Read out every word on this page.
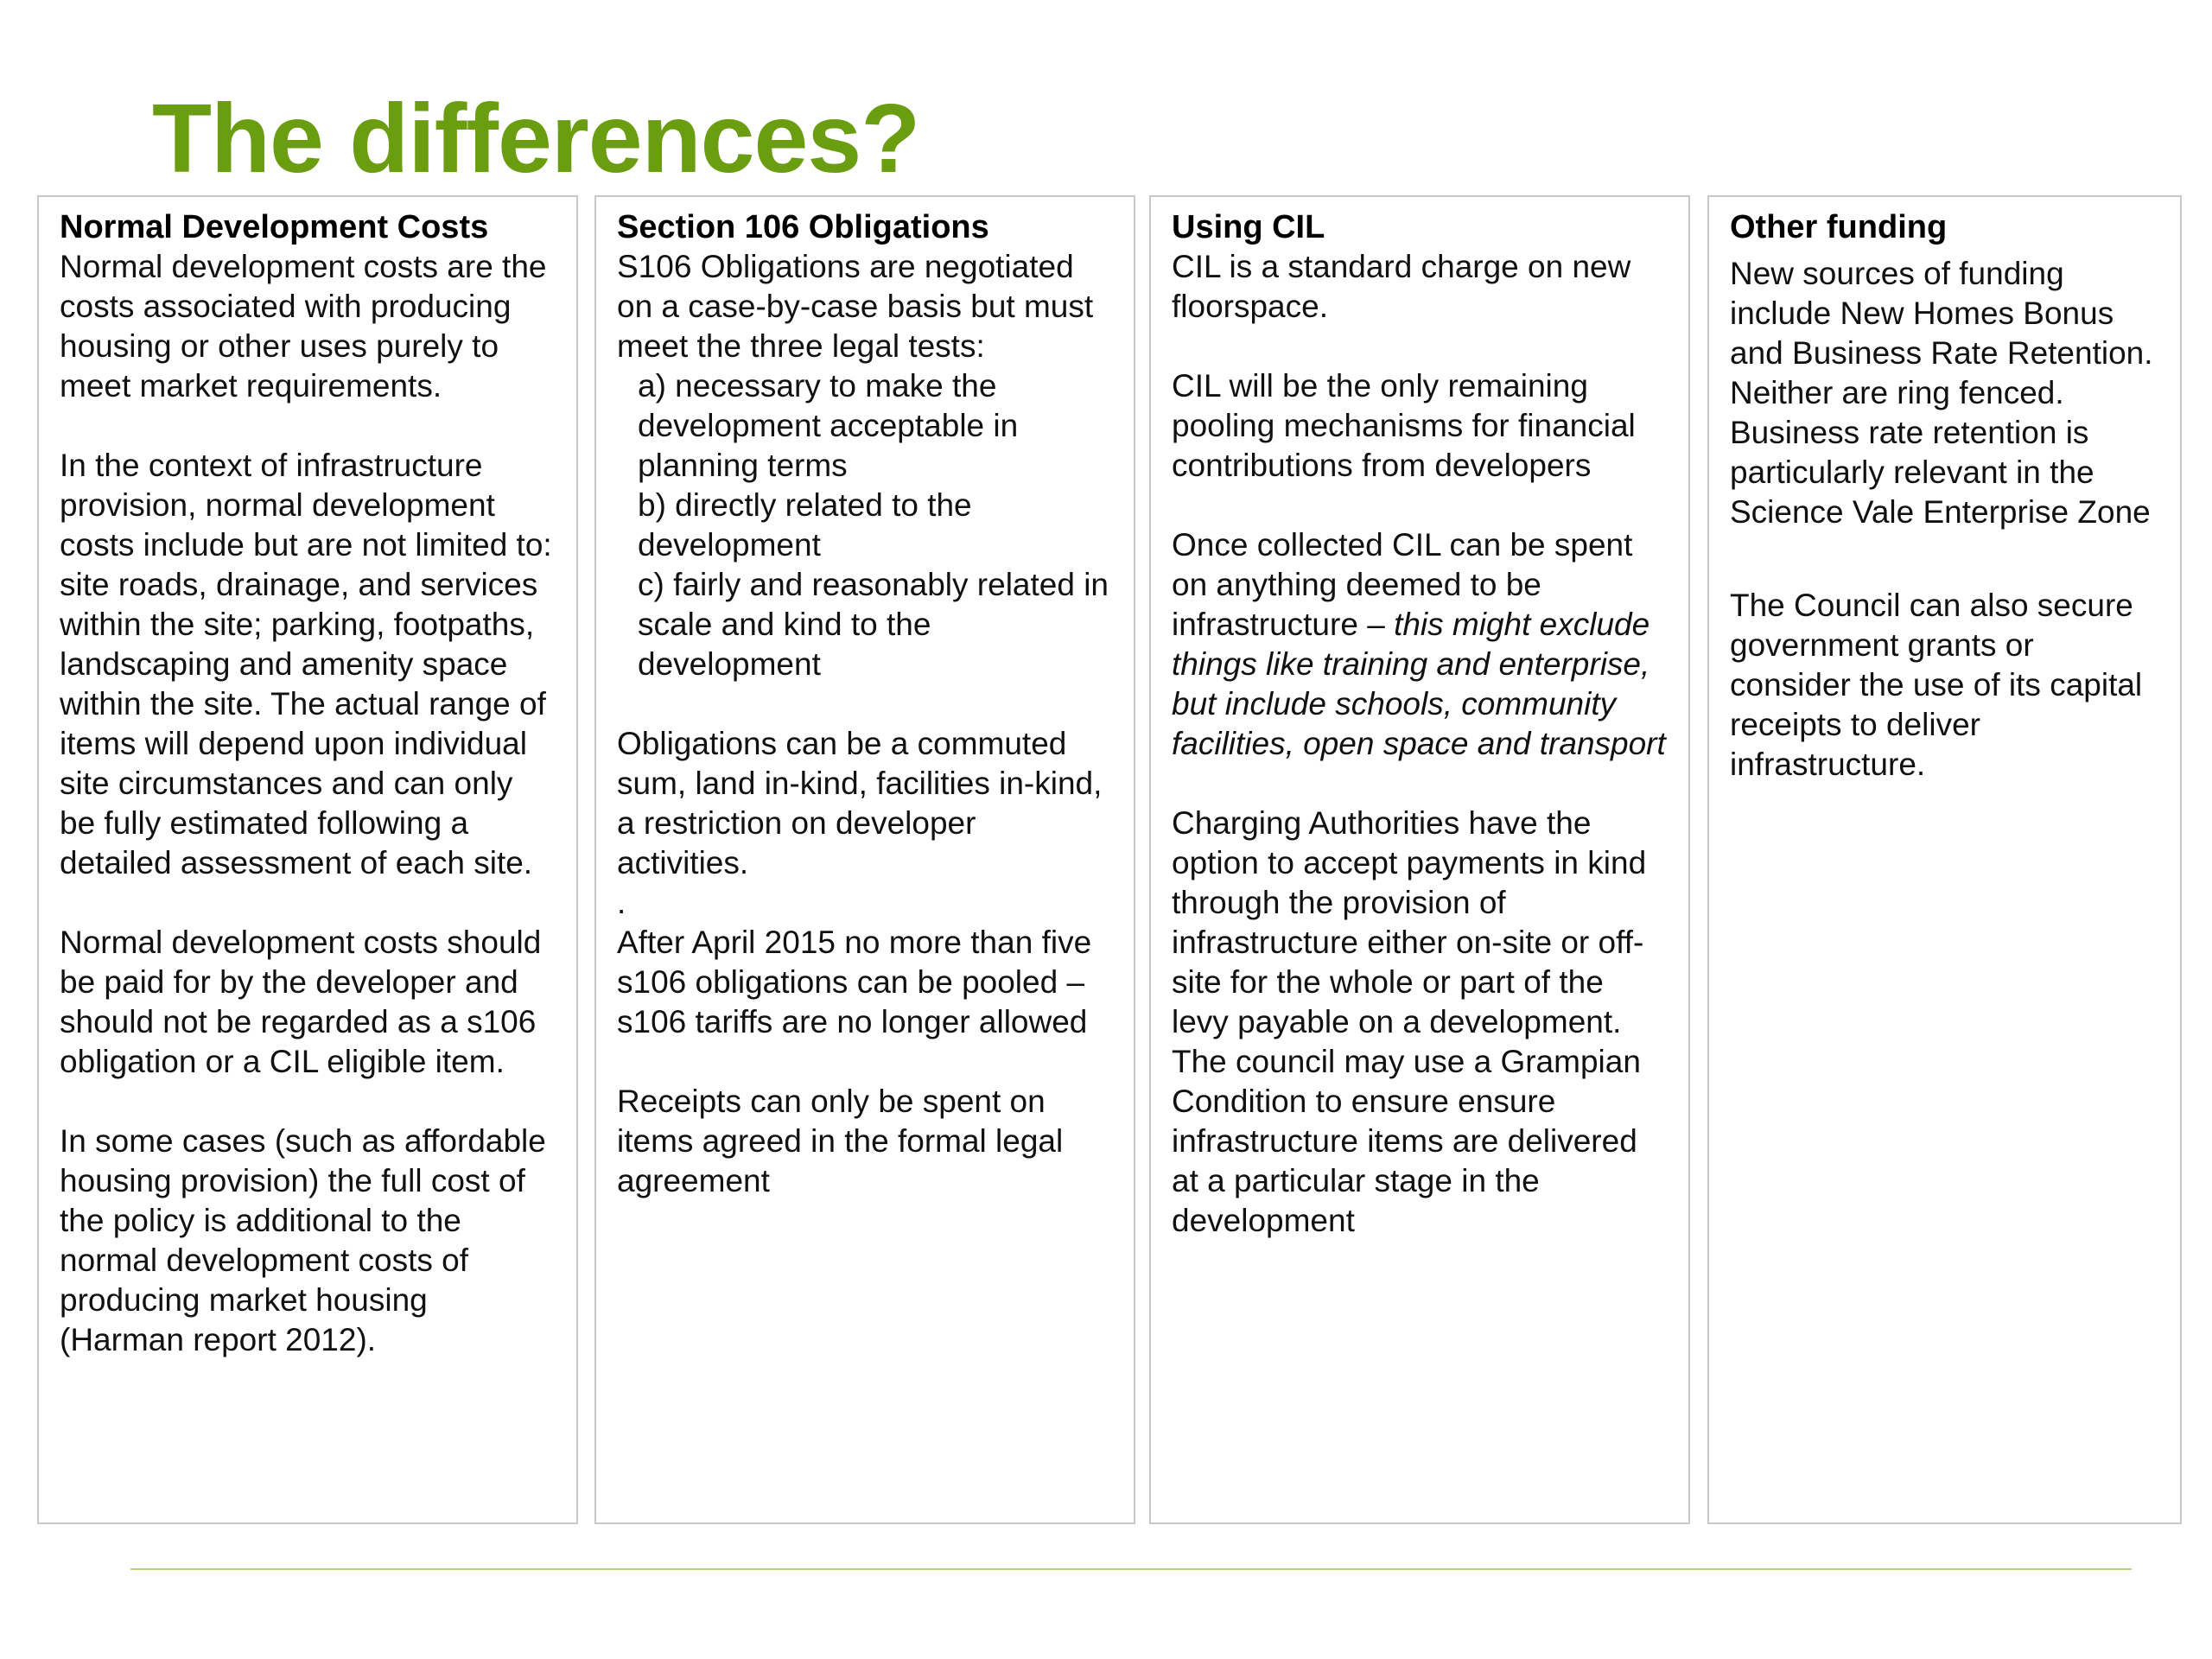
The differences?

Normal Development Costs

Normal development costs are the costs associated with producing housing or other uses purely to meet market requirements.

In the context of infrastructure provision, normal development costs include but are not limited to: site roads, drainage, and services within the site; parking, footpaths, landscaping and amenity space within the site. The actual range of items will depend upon individual site circumstances and can only be fully estimated following a detailed assessment of each site.

Normal development costs should be paid for by the developer and should not be regarded as a s106 obligation or a CIL eligible item.

In some cases (such as affordable housing provision) the full cost of the policy is additional to the normal development costs of producing market housing (Harman report 2012).

Section 106 Obligations

S106 Obligations are negotiated on a case-by-case basis but must meet the three legal tests:

a) necessary to make the development acceptable in planning terms

b) directly related to the development

c) fairly and reasonably related in scale and kind to the development

Obligations can be a commuted sum, land in-kind, facilities in-kind, a restriction on developer activities.

.

After April 2015 no more than five s106 obligations can be pooled – s106 tariffs are no longer allowed

Receipts can only be spent on items agreed in the formal legal agreement

Using CIL

CIL is a standard charge on new floorspace.

CIL will be the only remaining pooling mechanisms for financial contributions from developers

Once collected CIL can be spent on anything deemed to be infrastructure – this might exclude things like training and enterprise, but include schools, community facilities, open space and transport

Charging Authorities have the option to accept payments in kind through the provision of infrastructure either on-site or off-site for the whole or part of the levy payable on a development. The council may use a Grampian Condition to ensure ensure infrastructure items are delivered at a particular stage in the development

Other funding

New sources of funding include New Homes Bonus and Business Rate Retention. Neither are ring fenced. Business rate retention is particularly relevant in the Science Vale Enterprise Zone

The Council can also secure government grants or consider the use of its capital receipts to deliver infrastructure.
